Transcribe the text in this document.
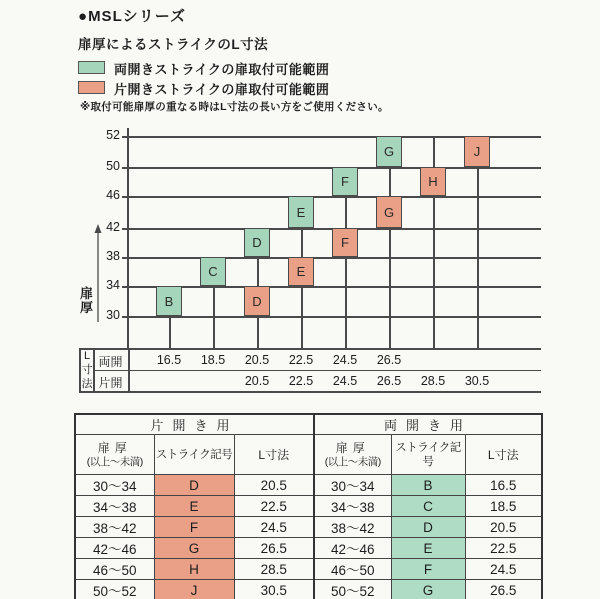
●MSLシリーズ
扉厚によるストライクのL寸法
両開きストライクの扉取付可能範囲
片開きストライクの扉取付可能範囲
※取付可能扉厚の重なる時はL寸法の長い方をご使用ください。
52
50
46
42
38
34
30
扉厚	B
C
D
E
F
G
D
E
F
G
H
J
L寸法
両開
片開
16.5	18.5	20.5	22.5	24.5	26.5
20.5	22.5	24.5	26.5	28.5	30.5
片開き用			両開き用		

扉厚
(以上〜未満)
	ストライク記号	L寸法	扉厚
(以上〜未満)
	ストライク記号	L寸法
30〜34	D	20.5	30〜34	B	16.5
34〜38	E	22.5	34〜38	C	18.5
38〜42	F	24.5	38〜42	D	20.5
42〜46	G	26.5	42〜46	E	22.5
46〜50	H	28.5	46〜50	F	24.5
50〜52	J	30.5	50〜52	G	26.5
